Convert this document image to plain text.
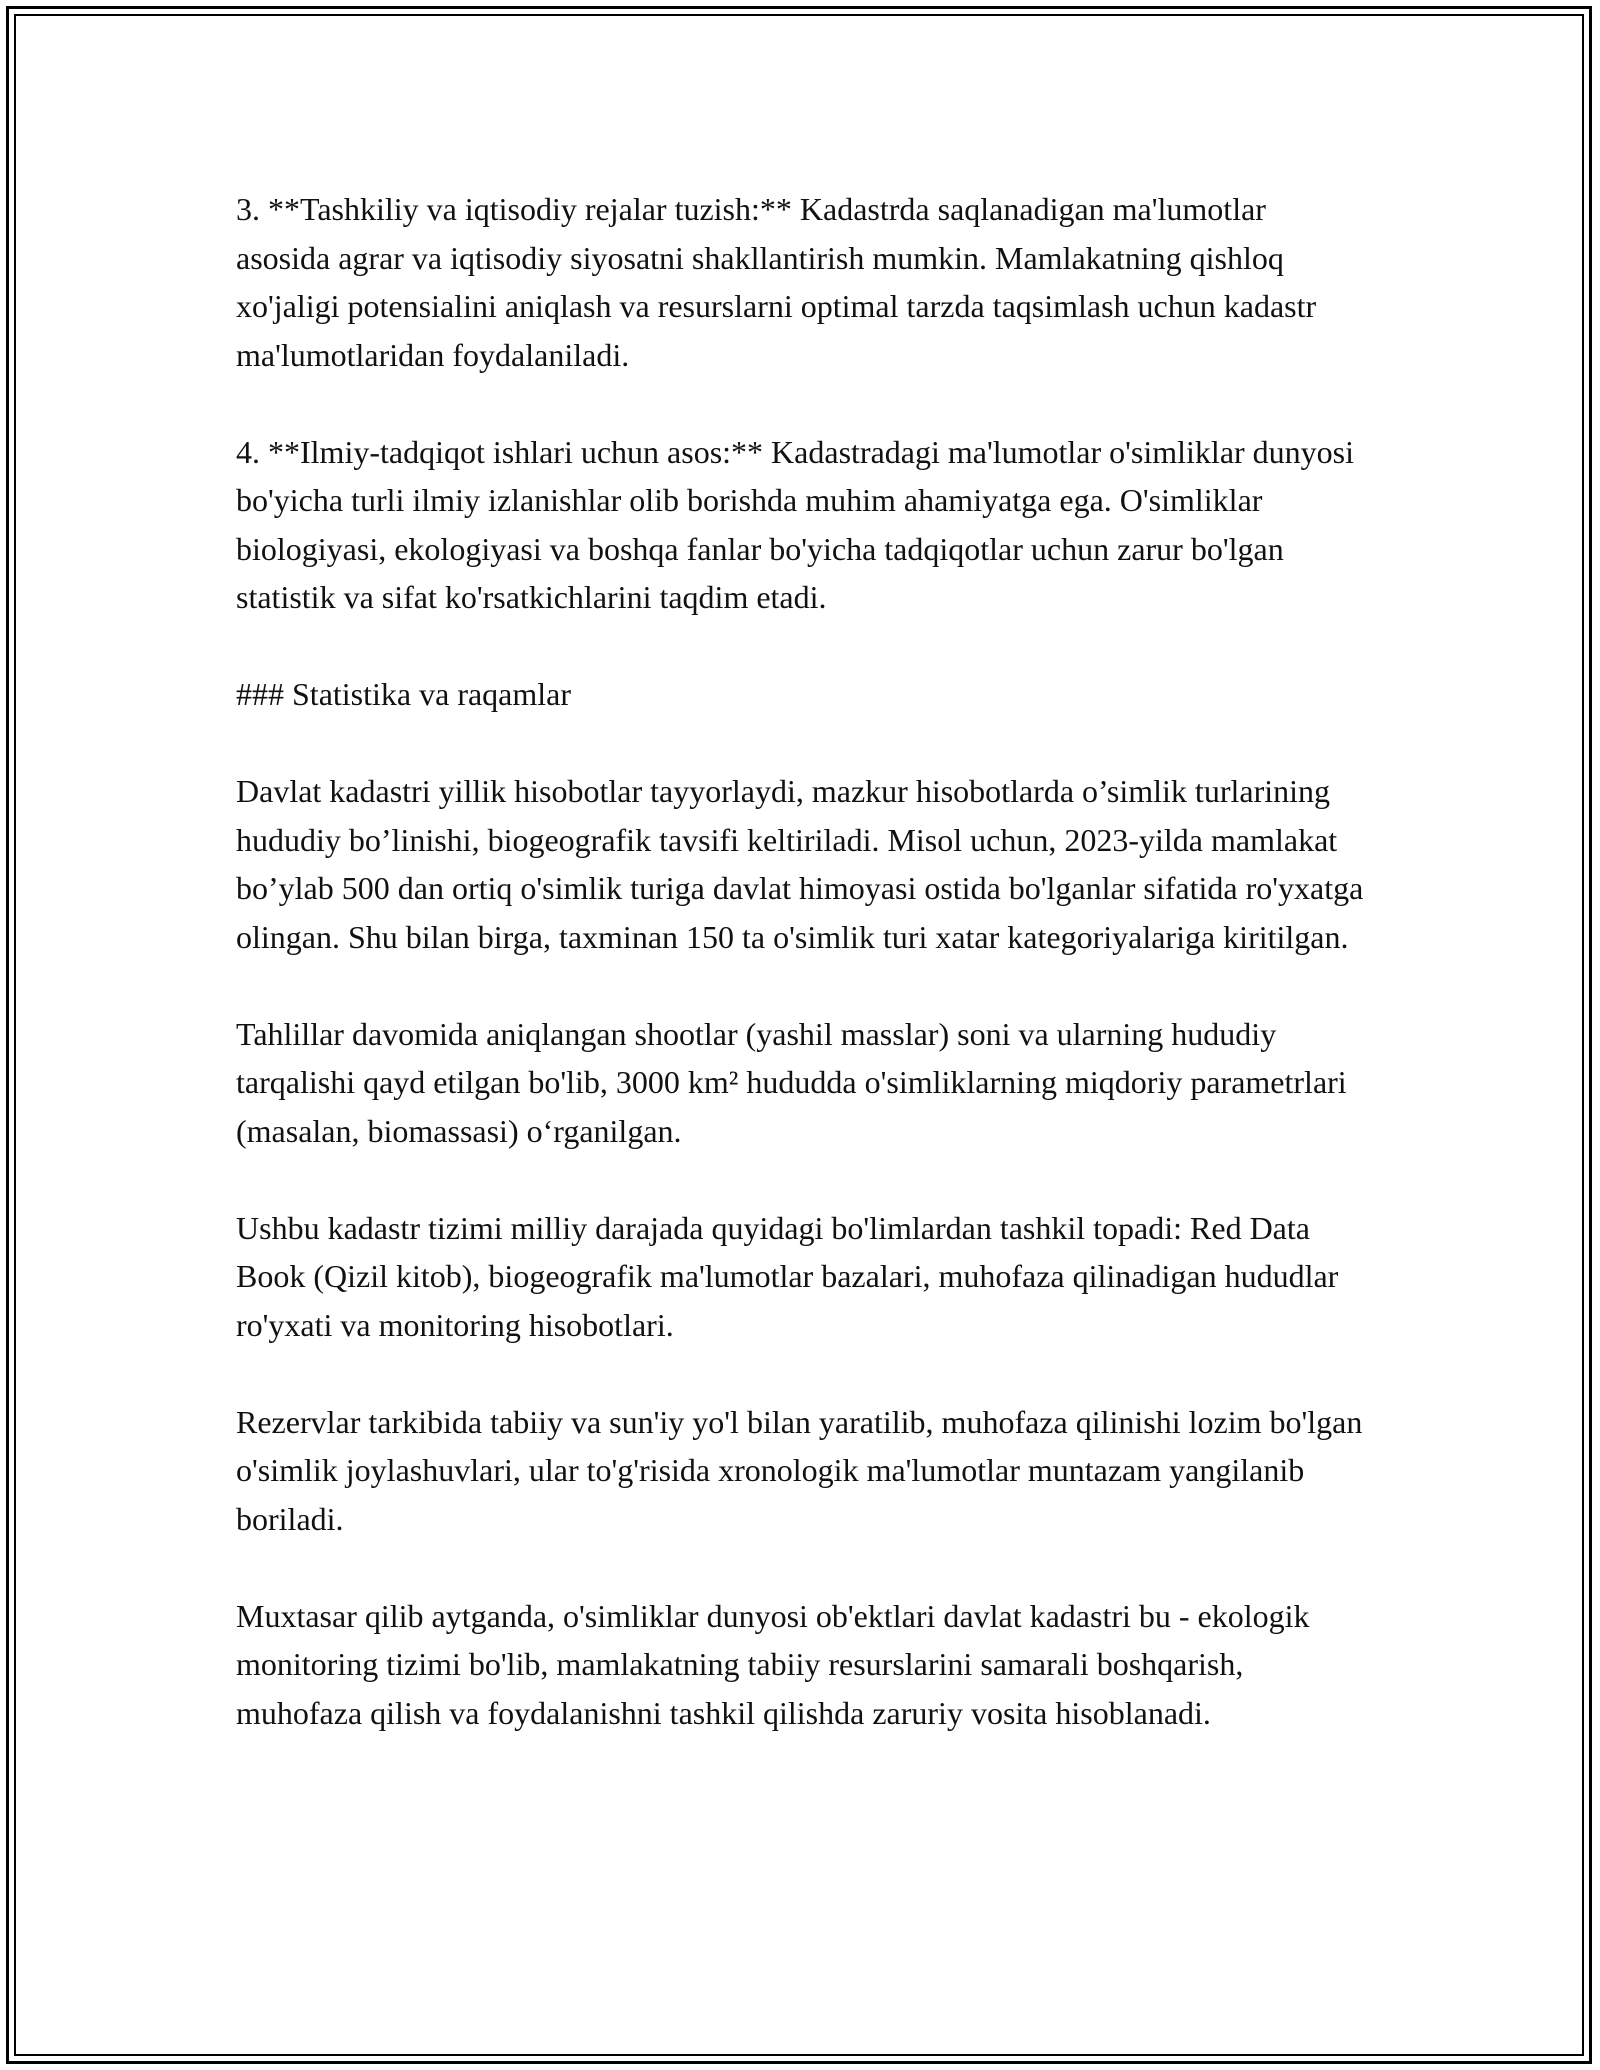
3. **Tashkiliy va iqtisodiy rejalar tuzish:** Kadastrda saqlanadigan ma'lumotlar asosida agrar va iqtisodiy siyosatni shakllantirish mumkin. Mamlakatning qishloq xo'jaligi potensialini aniqlash va resurslarni optimal tarzda taqsimlash uchun kadastr ma'lumotlaridan foydalaniladi.

4. **Ilmiy-tadqiqot ishlari uchun asos:** Kadastradagi ma'lumotlar o'simliklar dunyosi bo'yicha turli ilmiy izlanishlar olib borishda muhim ahamiyatga ega. O'simliklar biologiyasi, ekologiyasi va boshqa fanlar bo'yicha tadqiqotlar uchun zarur bo'lgan statistik va sifat ko'rsatkichlarini taqdim etadi.

### Statistika va raqamlar

Davlat kadastri yillik hisobotlar tayyorlaydi, mazkur hisobotlarda o’simlik turlarining hududiy bo’linishi, biogeografik tavsifi keltiriladi. Misol uchun, 2023-yilda mamlakat bo’ylab 500 dan ortiq o'simlik turiga davlat himoyasi ostida bo'lganlar sifatida ro'yxatga olingan. Shu bilan birga, taxminan 150 ta o'simlik turi xatar kategoriyalariga kiritilgan.

Tahlillar davomida aniqlangan shootlar (yashil masslar) soni va ularning hududiy tarqalishi qayd etilgan bo'lib, 3000 km² hududda o'simliklarning miqdoriy parametrlari (masalan, biomassasi) o‘rganilgan.

Ushbu kadastr tizimi milliy darajada quyidagi bo'limlardan tashkil topadi: Red Data Book (Qizil kitob), biogeografik ma'lumotlar bazalari, muhofaza qilinadigan hududlar ro'yxati va monitoring hisobotlari.

Rezervlar tarkibida tabiiy va sun'iy yo'l bilan yaratilib, muhofaza qilinishi lozim bo'lgan o'simlik joylashuvlari, ular to'g'risida xronologik ma'lumotlar muntazam yangilanib boriladi.

Muxtasar qilib aytganda, o'simliklar dunyosi ob'ektlari davlat kadastri bu - ekologik monitoring tizimi bo'lib, mamlakatning tabiiy resurslarini samarali boshqarish, muhofaza qilish va foydalanishni tashkil qilishda zaruriy vosita hisoblanadi.
